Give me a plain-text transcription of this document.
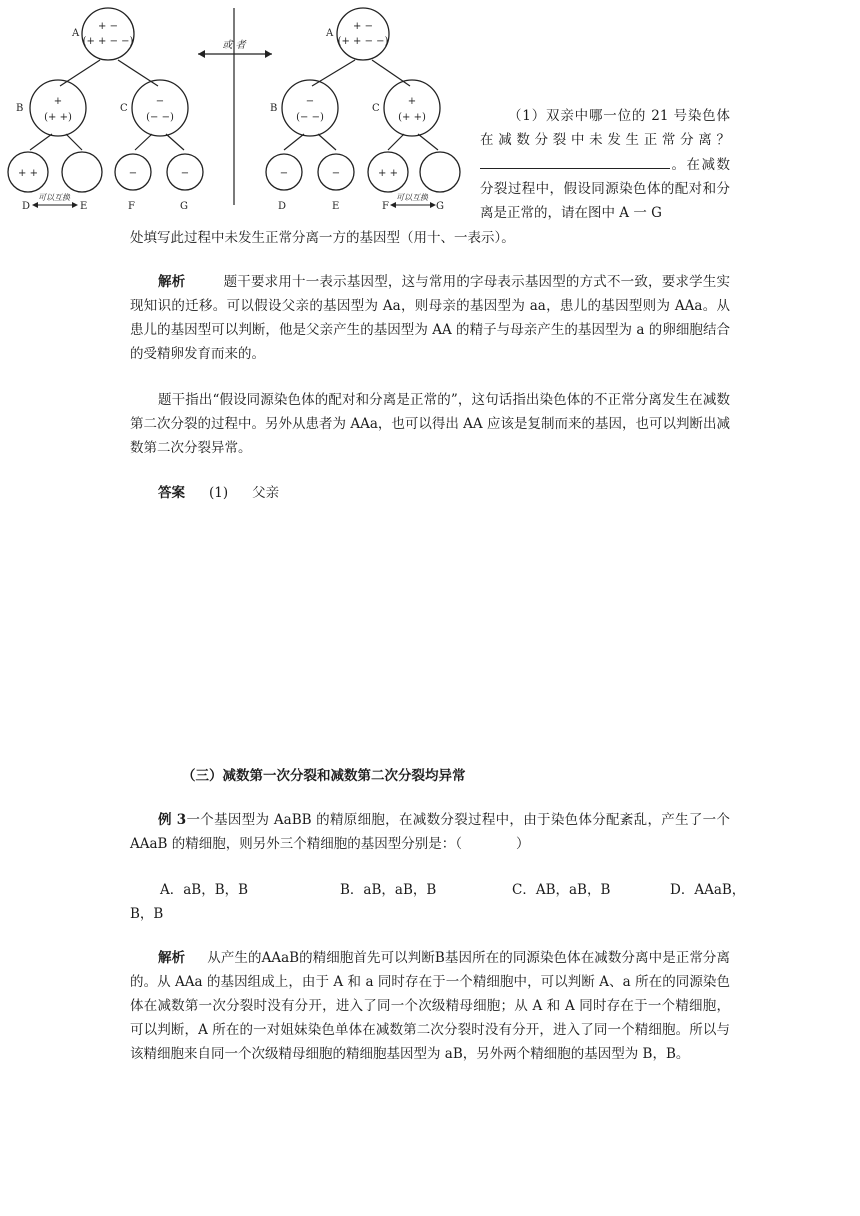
或 者
A
+ −
(+ + − −)
B
+
(+ +)
C
−
(− −)
+ +	−	−
可以互换
D	E	F	G
A
+ −
(+ + − −)
B
−
(− −)
C
+
(+ +)
−	−	+ +
可以互换
D	E	F	G
（1）双亲中哪一位的 21 号染色体在减数分裂中未发生正常分离？。在减数分裂过程中，假设同源染色体的配对和分离是正常的，请在图中 A 一 G
处填写此过程中未发生正常分离一方的基因型（用十、一表示）。
解析	题干要求用十一表示基因型，这与常用的字母表示基因型的方式不一致，要求学生实现知识的迁移。可以假设父亲的基因型为 Aa，则母亲的基因型为 aa，患儿的基因型则为 AAa。从患儿的基因型可以判断，他是父亲产生的基因型为 AA 的精子与母亲产生的基因型为 a 的卵细胞结合的受精卵发育而来的。
题干指出“假设同源染色体的配对和分离是正常的”，这句话指出染色体的不正常分离发生在减数第二次分裂的过程中。另外从患者为 AAa，也可以得出 AA 应该是复制而来的基因，也可以判断出减数第二次分裂异常。
答案 (1) 父亲
（三）减数第一次分裂和减数第二次分裂均异常
例 3一个基因型为 AaBB 的精原细胞，在减数分裂过程中，由于染色体分配紊乱，产生了一个 AAaB 的精细胞，则另外三个精细胞的基因型分别是：（　　　　）
A．aB，B，B	B．aB，aB，B	C．AB，aB，B	D．AAaB，
B，B
解析 从产生的AAaB的精细胞首先可以判断B基因所在的同源染色体在减数分离中是正常分离的。从 AAa 的基因组成上，由于 A 和 a 同时存在于一个精细胞中，可以判断 A、a 所在的同源染色体在减数第一次分裂时没有分开，进入了同一个次级精母细胞；从 A 和 A 同时存在于一个精细胞，可以判断，A 所在的一对姐妹染色单体在减数第二次分裂时没有分开，进入了同一个精细胞。所以与该精细胞来自同一个次级精母细胞的精细胞基因型为 aB，另外两个精细胞的基因型为 B，B。
